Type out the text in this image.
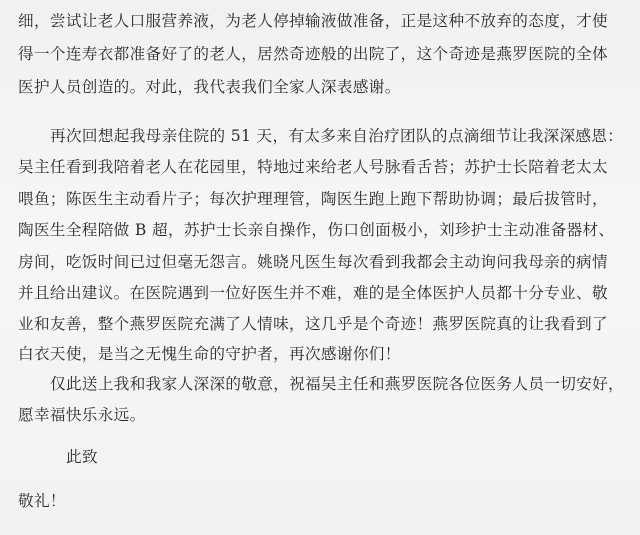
细，尝试让老人口服营养液，为老人停掉输液做准备，正是这种不放弃的态度，才使
得一个连寿衣都准备好了的老人，居然奇迹般的出院了，这个奇迹是燕罗医院的全体
医护人员创造的。对此，我代表我们全家人深表感谢。
再次回想起我母亲住院的 51 天，有太多来自治疗团队的点滴细节让我深深感恩：
吴主任看到我陪着老人在花园里，特地过来给老人号脉看舌苔；苏护士长陪着老太太
喂鱼；陈医生主动看片子；每次护理理管，陶医生跑上跑下帮助协调；最后拔管时，
陶医生全程陪做 B 超，苏护士长亲自操作，伤口创面极小，刘珍护士主动准备器材、
房间，吃饭时间已过但毫无怨言。姚晓凡医生每次看到我都会主动询问我母亲的病情
并且给出建议。在医院遇到一位好医生并不难，难的是全体医护人员都十分专业、敬
业和友善，整个燕罗医院充满了人情味，这几乎是个奇迹！燕罗医院真的让我看到了
白衣天使，是当之无愧生命的守护者，再次感谢你们！
仅此送上我和我家人深深的敬意，祝福吴主任和燕罗医院各位医务人员一切安好，
愿幸福快乐永远。
此致
敬礼！
